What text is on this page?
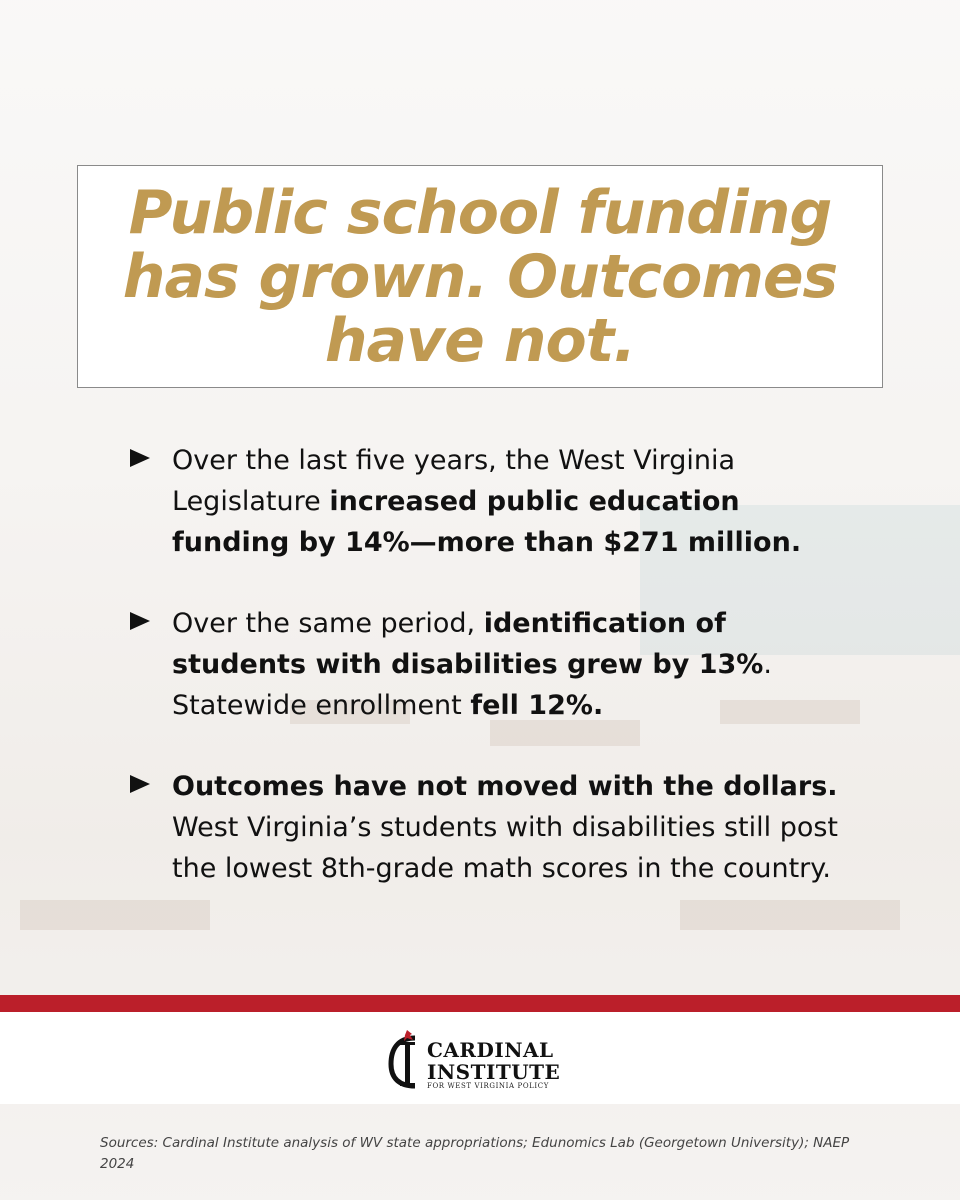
Public school funding has grown. Outcomes have not.
Over the last five years, the West Virginia Legislature increased public education funding by 14%—more than $271 million.
Over the same period, identification of students with disabilities grew by 13%. Statewide enrollment fell 12%.
Outcomes have not moved with the dollars. West Virginia’s students with disabilities still post the lowest 8th-grade math scores in the country.
CARDINAL
INSTITUTE
FOR WEST VIRGINIA POLICY
Sources: Cardinal Institute analysis of WV state appropriations; Edunomics Lab (Georgetown University); NAEP 2024
